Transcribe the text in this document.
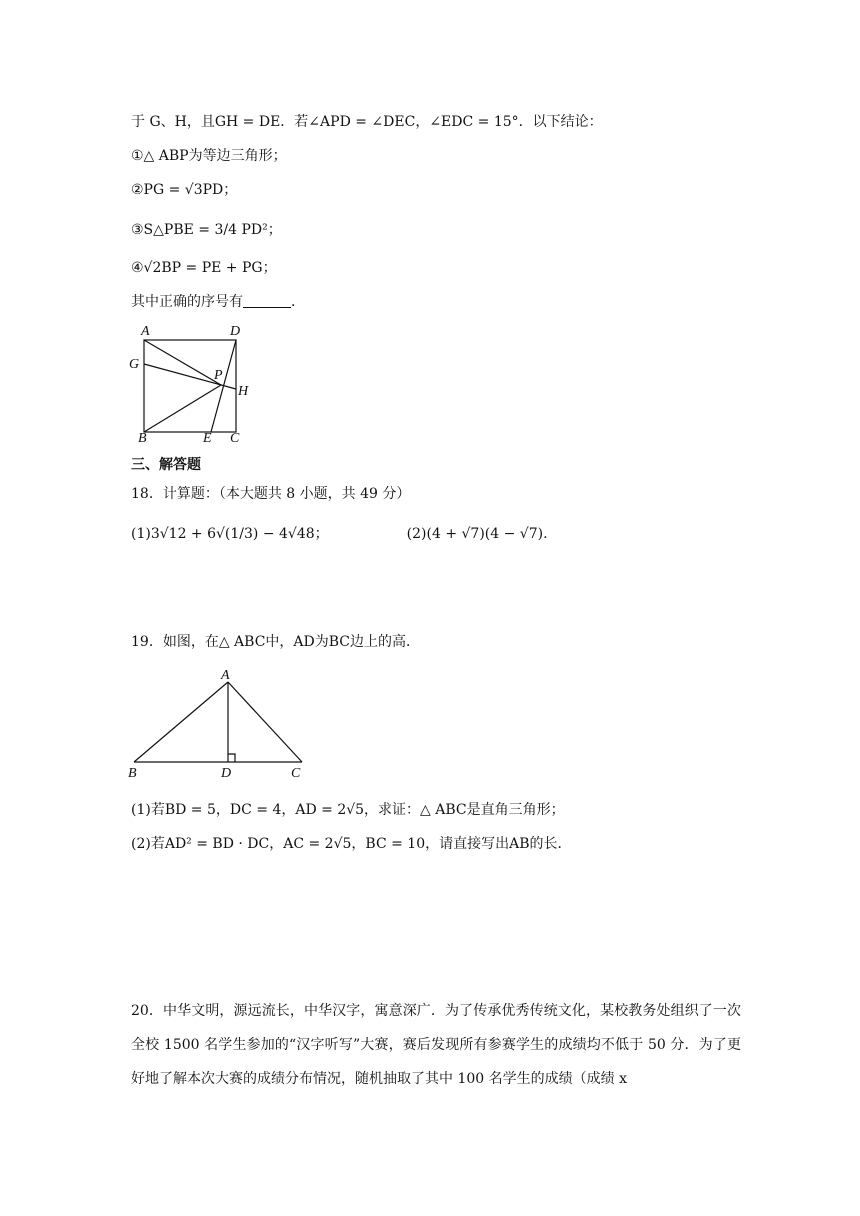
于 G、H，且GH = DE．若∠APD = ∠DEC，∠EDC = 15°．以下结论：
①△ ABP为等边三角形；
②PG = √3PD；
③S△PBE = 3/4 PD²；
④√2BP = PE + PG；
其中正确的序号有	．
A	D
G
P
H
B	E C
三、解答题
18．计算题：（本大题共 8 小题，共 49 分）
(1)3√12 + 6√(1/3) − 4√48；	(2)(4 + √7)(4 − √7).
19．如图，在△ ABC中，AD为BC边上的高．
A
B	D	C
(1)若BD = 5，DC = 4，AD = 2√5，求证：△ ABC是直角三角形；
(2)若AD² = BD · DC，AC = 2√5，BC = 10，请直接写出AB的长．
20．中华文明，源远流长，中华汉字，寓意深广．为了传承优秀传统文化，某校教务处组织了一次全校 1500 名学生参加的“汉字听写”大赛，赛后发现所有参赛学生的成绩均不低于 50 分．为了更好地了解本次大赛的成绩分布情况，随机抽取了其中 100 名学生的成绩（成绩 x
